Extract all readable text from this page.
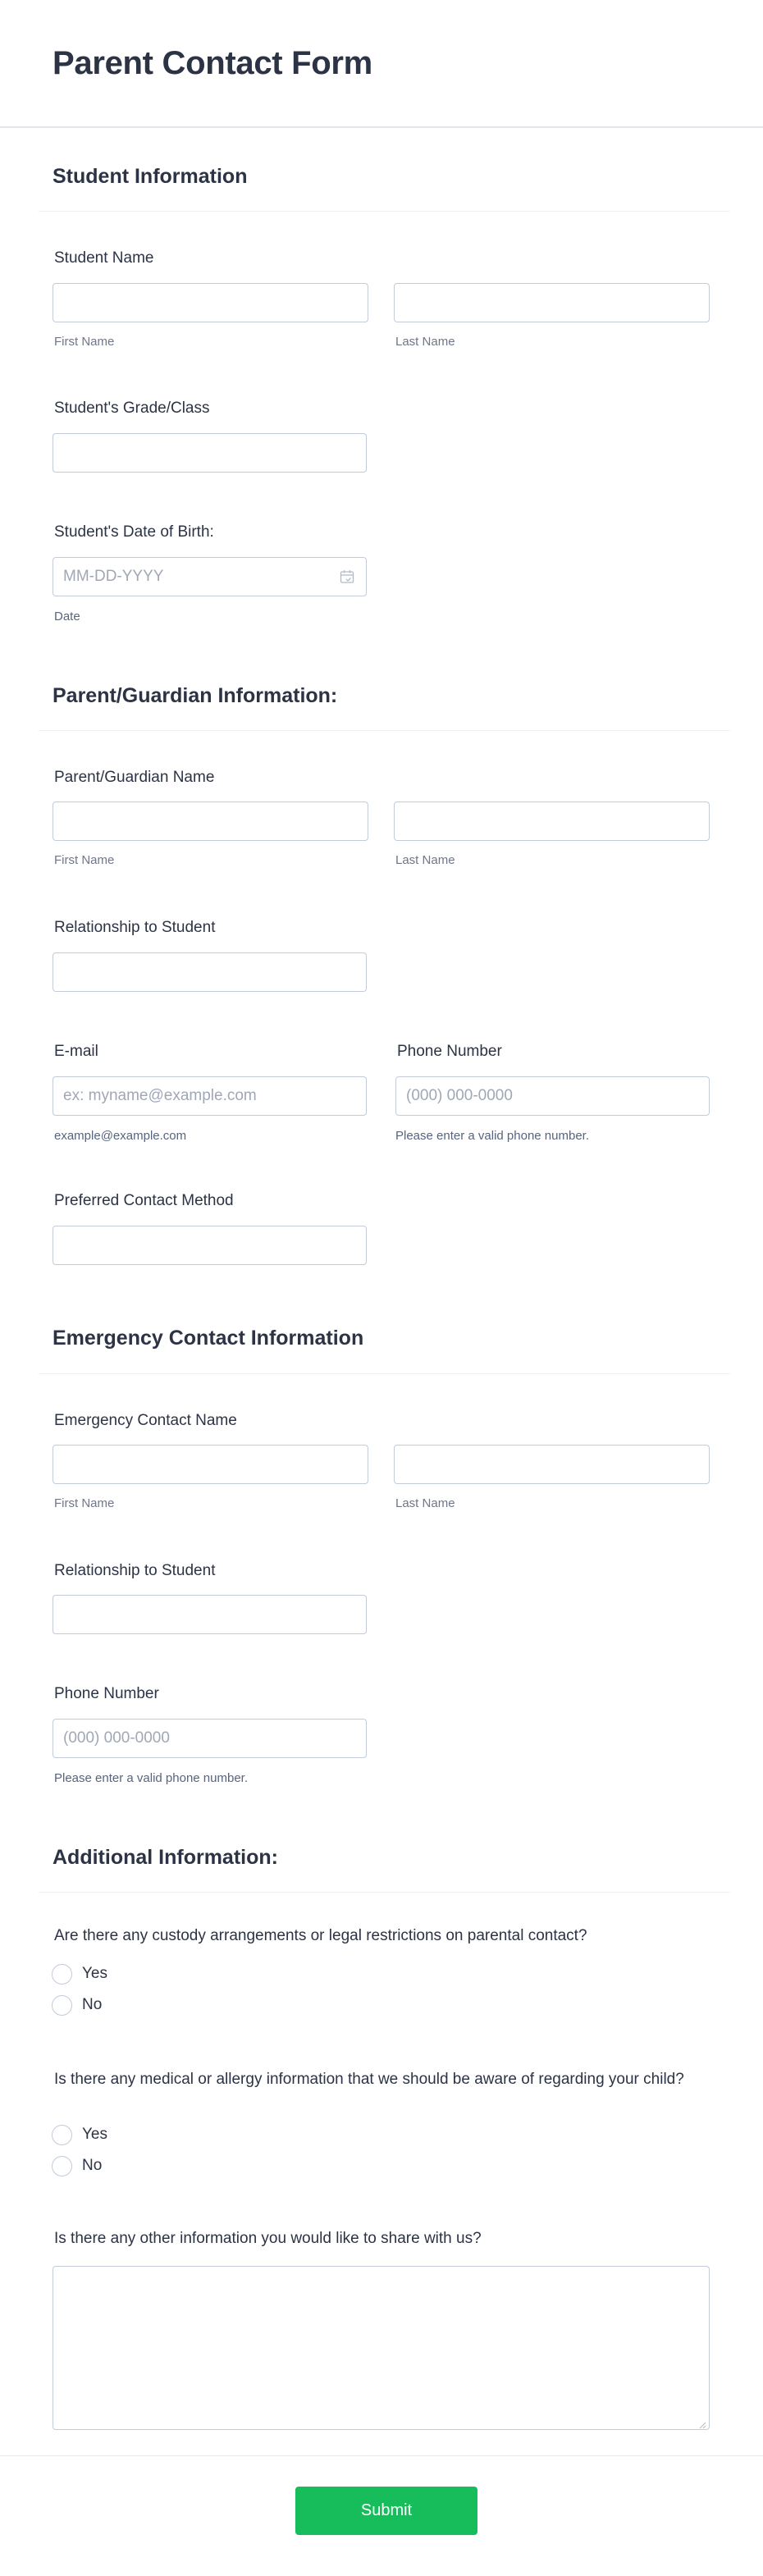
Parent Contact Form
Student Information
Student Name
First Name	Last Name
Student's Grade/Class
Student's Date of Birth:
MM-DD-YYYY
Date
Parent/Guardian Information:
Parent/Guardian Name
First Name	Last Name
Relationship to Student
E-mail	Phone Number
ex: myname@example.com
(000) 000-0000
example@example.com	Please enter a valid phone number.
Preferred Contact Method
Emergency Contact Information
Emergency Contact Name
First Name	Last Name
Relationship to Student
Phone Number
(000) 000-0000
Please enter a valid phone number.
Additional Information:
Are there any custody arrangements or legal restrictions on parental contact?
Yes
No
Is there any medical or allergy information that we should be aware of regarding your child?
Yes
No
Is there any other information you would like to share with us?
Submit
